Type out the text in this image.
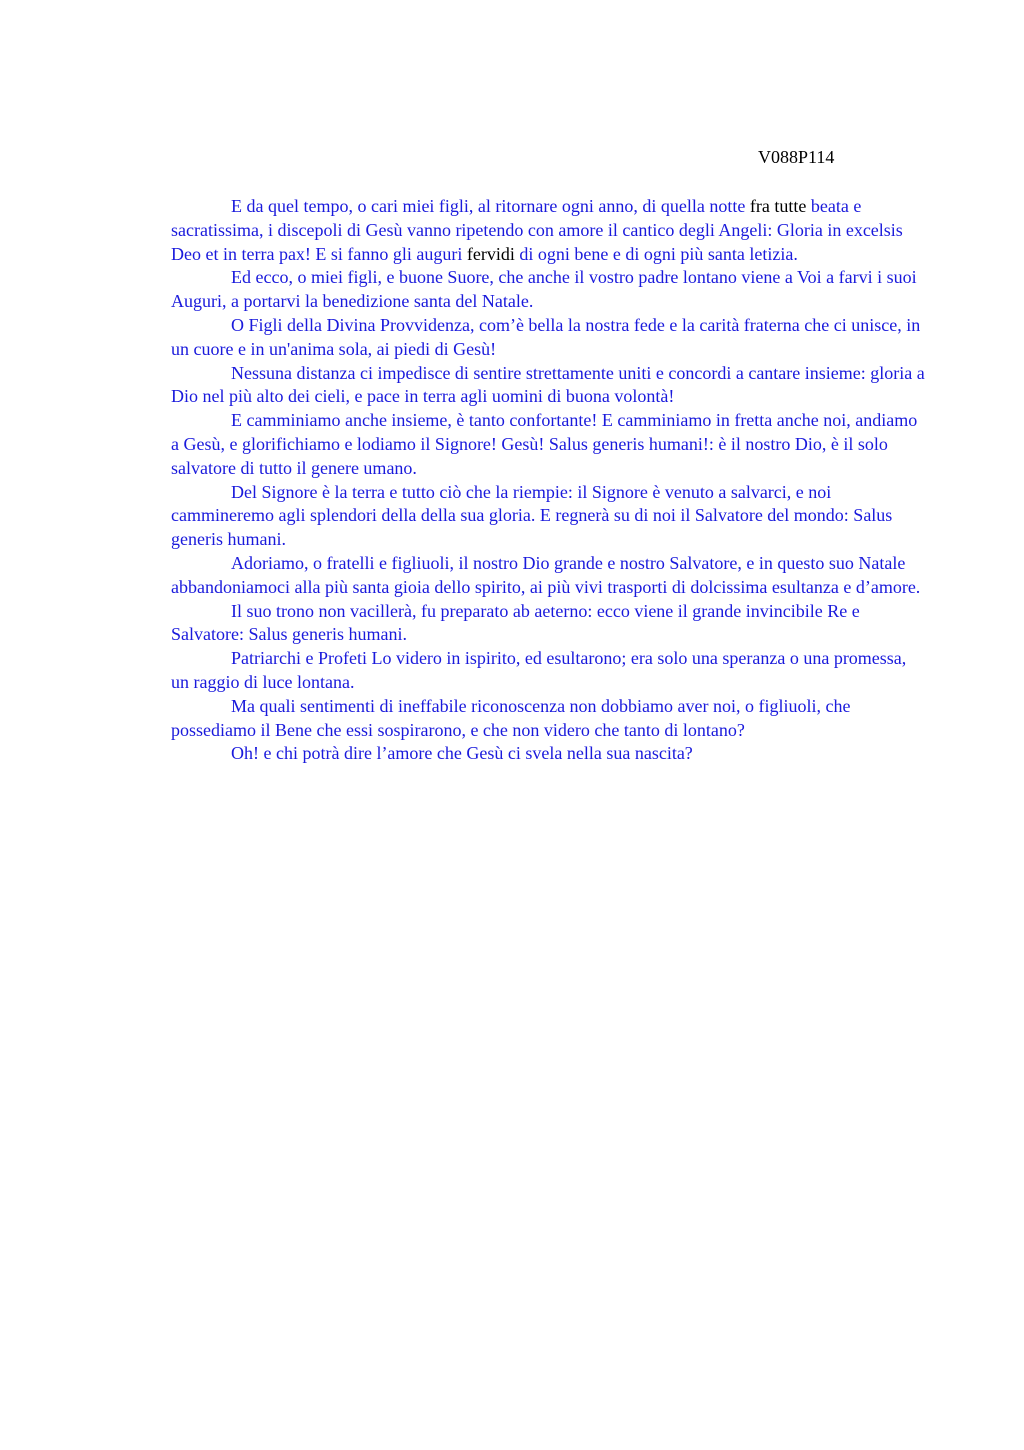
V088P114

E da quel tempo, o cari miei figli, al ritornare ogni anno, di quella notte fra tutte beata e sacratissima, i discepoli di Gesù vanno ripetendo con amore il cantico degli Angeli: Gloria in excelsis Deo et in terra pax! E si fanno gli auguri fervidi di ogni bene e di ogni più santa letizia.

Ed ecco, o miei figli, e buone Suore, che anche il vostro padre lontano viene a Voi a farvi i suoi Auguri, a portarvi la benedizione santa del Natale.

O Figli della Divina Provvidenza, com’è bella la nostra fede e la carità fraterna che ci unisce, in un cuore e in un'anima sola, ai piedi di Gesù!

Nessuna distanza ci impedisce di sentire strettamente uniti e concordi a cantare insieme: gloria a Dio nel più alto dei cieli, e pace in terra agli uomini di buona volontà!

E camminiamo anche insieme, è tanto confortante! E camminiamo in fretta anche noi, andiamo a Gesù, e glorifichiamo e lodiamo il Signore! Gesù! Salus generis humani!: è il nostro Dio, è il solo salvatore di tutto il genere umano.

Del Signore è la terra e tutto ciò che la riempie: il Signore è venuto a salvarci, e noi cammineremo agli splendori della della sua gloria. E regnerà su di noi il Salvatore del mondo: Salus generis humani.

Adoriamo, o fratelli e figliuoli, il nostro Dio grande e nostro Salvatore, e in questo suo Natale abbandoniamoci alla più santa gioia dello spirito, ai più vivi trasporti di dolcissima esultanza e d’amore.

Il suo trono non vacillerà, fu preparato ab aeterno: ecco viene il grande invincibile Re e Salvatore: Salus generis humani.

Patriarchi e Profeti Lo videro in ispirito, ed esultarono; era solo una speranza o una promessa, un raggio di luce lontana.

Ma quali sentimenti di ineffabile riconoscenza non dobbiamo aver noi, o figliuoli, che possediamo il Bene che essi sospirarono, e che non videro che tanto di lontano?

Oh! e chi potrà dire l’amore che Gesù ci svela nella sua nascita?
